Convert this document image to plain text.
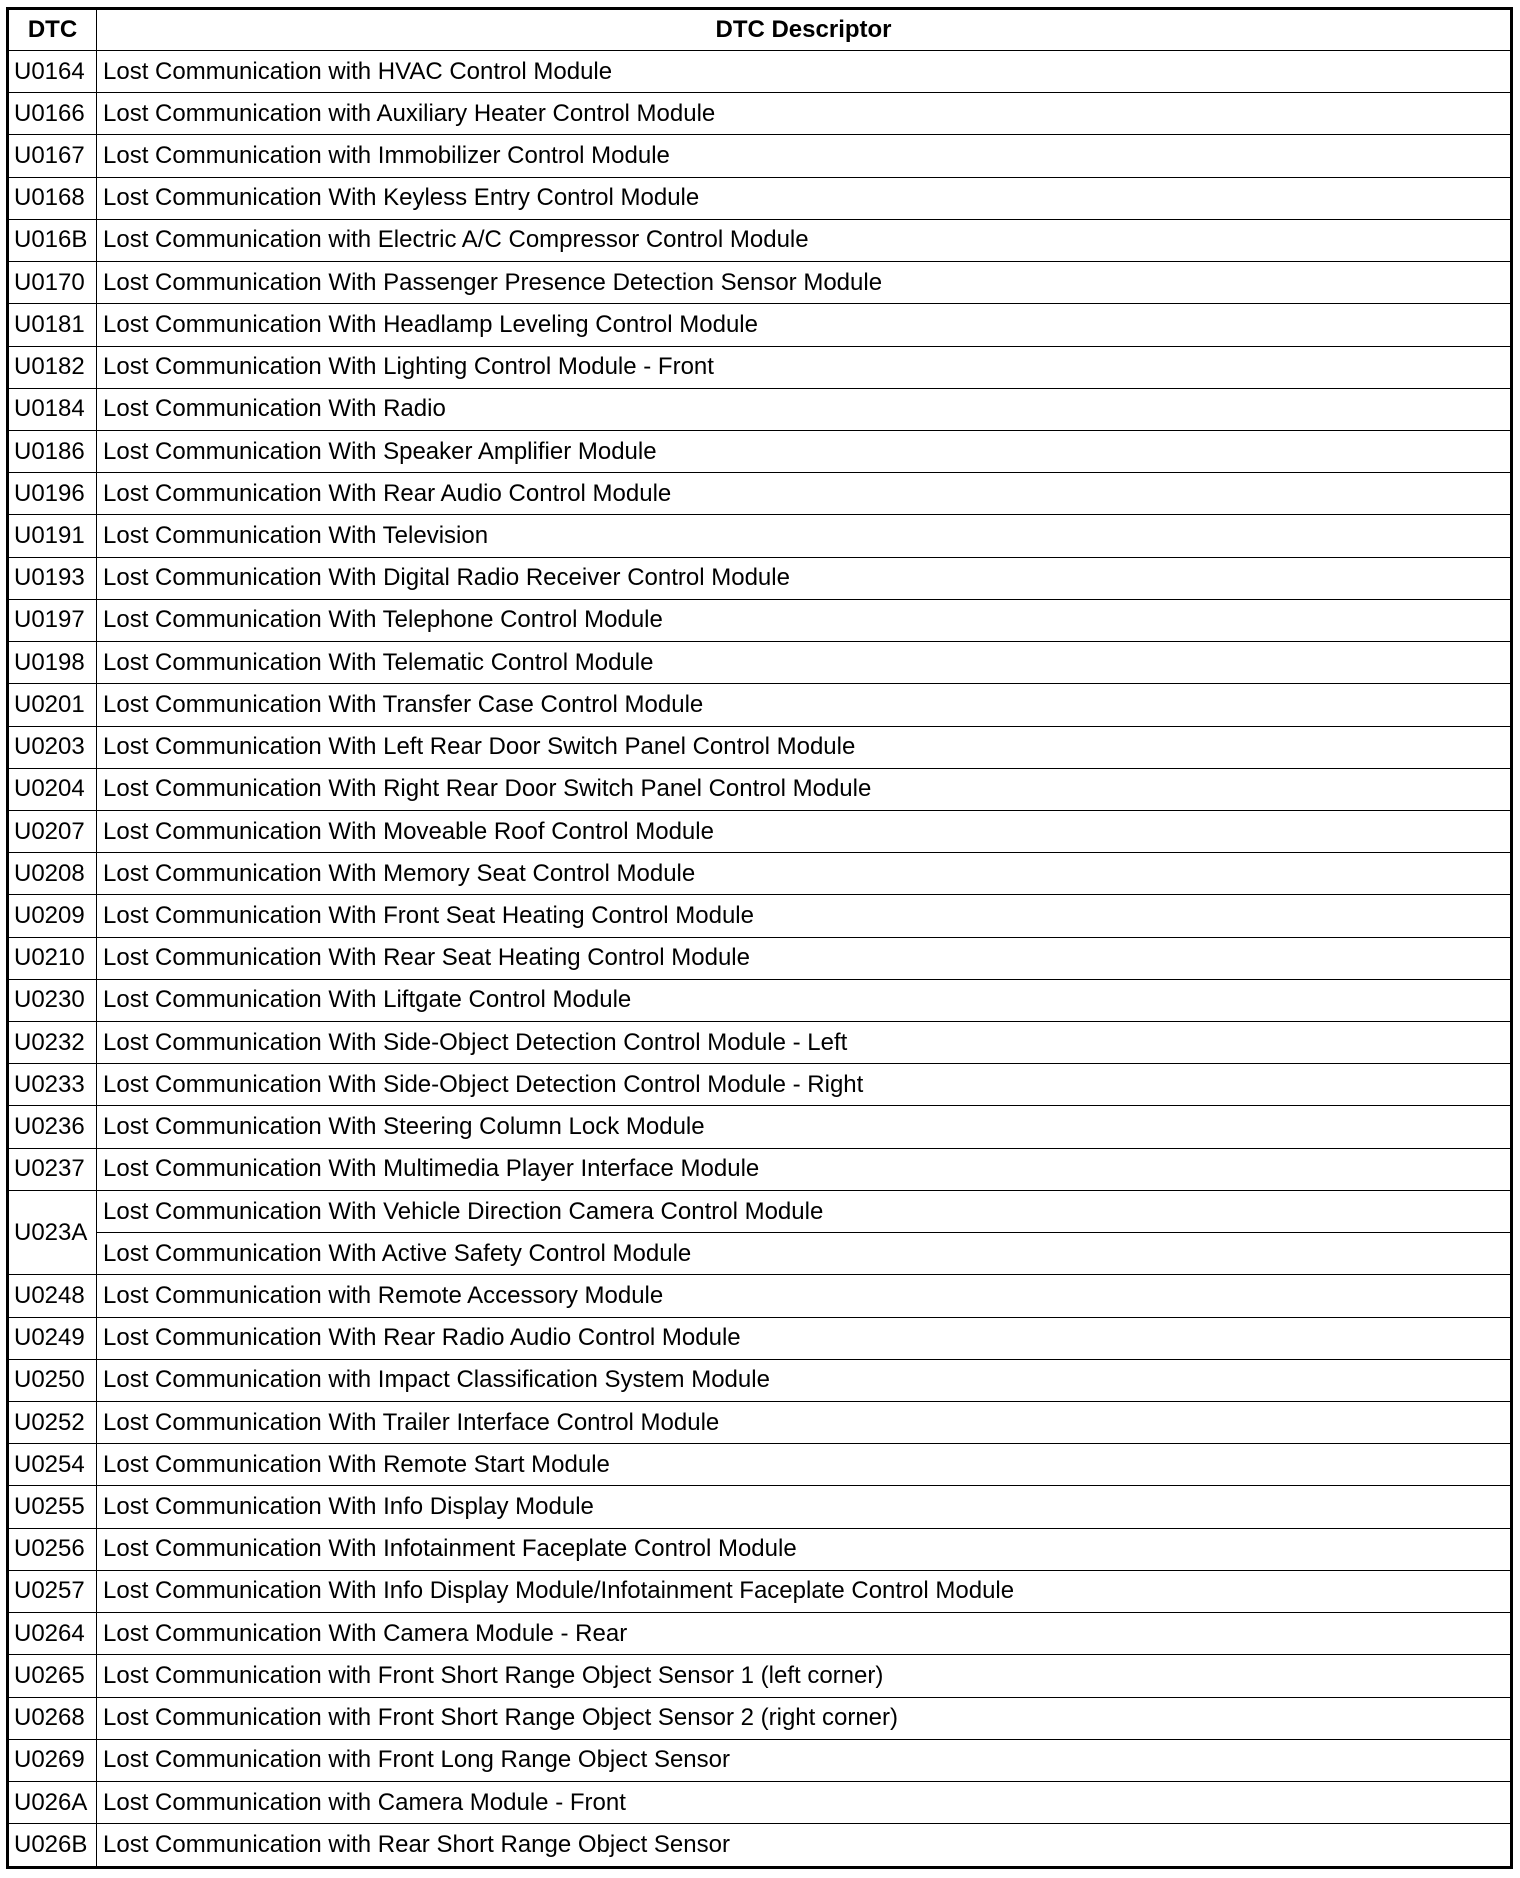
DTC	DTC Descriptor
U0164	Lost Communication with HVAC Control Module
U0166	Lost Communication with Auxiliary Heater Control Module
U0167	Lost Communication with Immobilizer Control Module
U0168	Lost Communication With Keyless Entry Control Module
U016B	Lost Communication with Electric A/C Compressor Control Module
U0170	Lost Communication With Passenger Presence Detection Sensor Module
U0181	Lost Communication With Headlamp Leveling Control Module
U0182	Lost Communication With Lighting Control Module - Front
U0184	Lost Communication With Radio
U0186	Lost Communication With Speaker Amplifier Module
U0196	Lost Communication With Rear Audio Control Module
U0191	Lost Communication With Television
U0193	Lost Communication With Digital Radio Receiver Control Module
U0197	Lost Communication With Telephone Control Module
U0198	Lost Communication With Telematic Control Module
U0201	Lost Communication With Transfer Case Control Module
U0203	Lost Communication With Left Rear Door Switch Panel Control Module
U0204	Lost Communication With Right Rear Door Switch Panel Control Module
U0207	Lost Communication With Moveable Roof Control Module
U0208	Lost Communication With Memory Seat Control Module
U0209	Lost Communication With Front Seat Heating Control Module
U0210	Lost Communication With Rear Seat Heating Control Module
U0230	Lost Communication With Liftgate Control Module
U0232	Lost Communication With Side-Object Detection Control Module - Left
U0233	Lost Communication With Side-Object Detection Control Module - Right
U0236	Lost Communication With Steering Column Lock Module
U0237	Lost Communication With Multimedia Player Interface Module
U023A	Lost Communication With Vehicle Direction Camera Control Module
	Lost Communication With Active Safety Control Module
U0248	Lost Communication with Remote Accessory Module
U0249	Lost Communication With Rear Radio Audio Control Module
U0250	Lost Communication with Impact Classification System Module
U0252	Lost Communication With Trailer Interface Control Module
U0254	Lost Communication With Remote Start Module
U0255	Lost Communication With Info Display Module
U0256	Lost Communication With Infotainment Faceplate Control Module
U0257	Lost Communication With Info Display Module/Infotainment Faceplate Control Module
U0264	Lost Communication With Camera Module - Rear
U0265	Lost Communication with Front Short Range Object Sensor 1 (left corner)
U0268	Lost Communication with Front Short Range Object Sensor 2 (right corner)
U0269	Lost Communication with Front Long Range Object Sensor
U026A	Lost Communication with Camera Module - Front
U026B	Lost Communication with Rear Short Range Object Sensor
